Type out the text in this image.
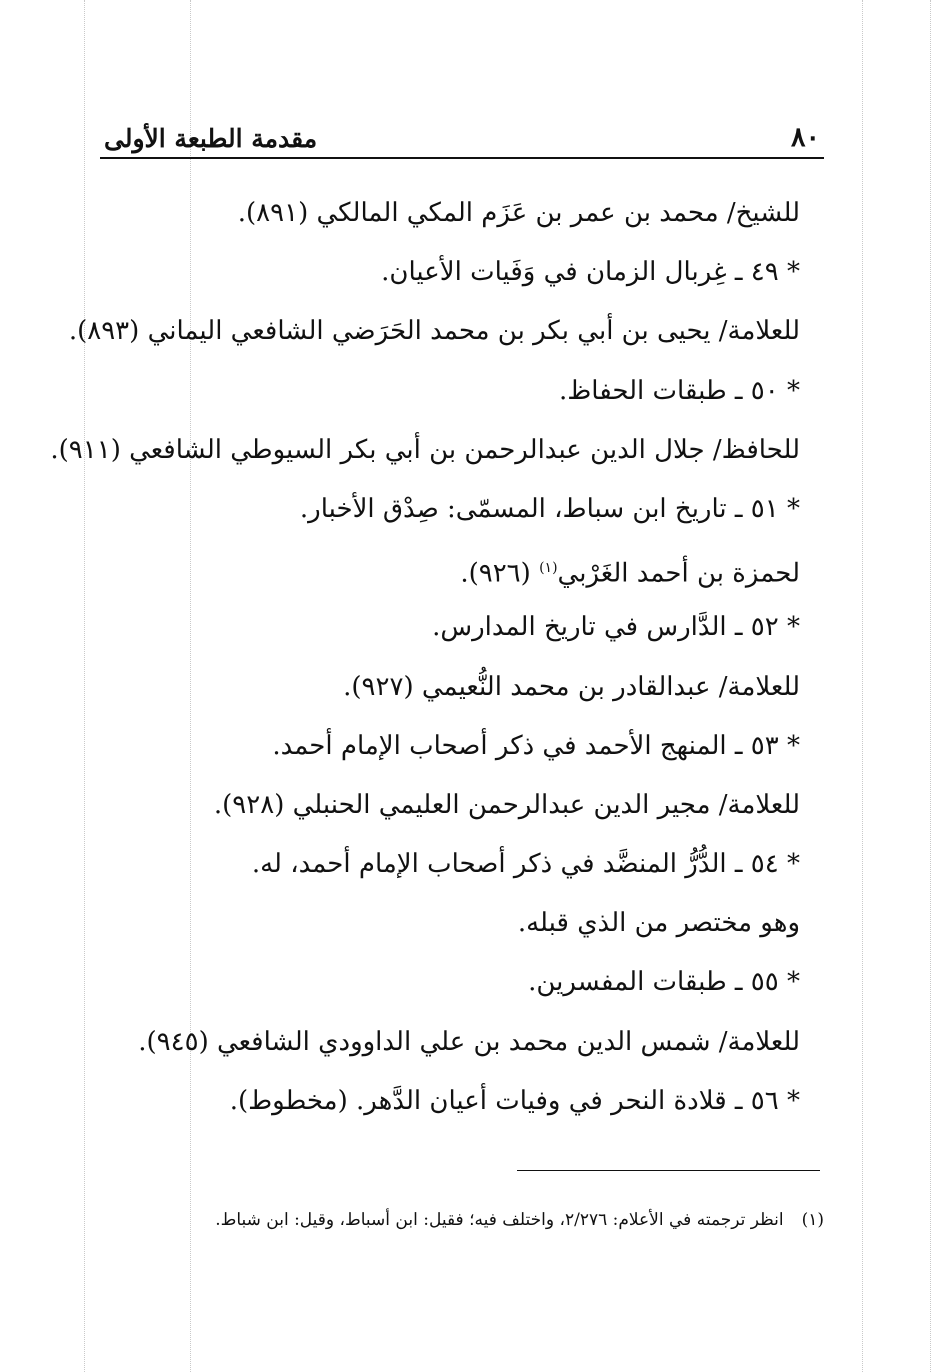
٨٠
مقدمة الطبعة الأولى
للشيخ/ محمد بن عمر بن عَزَم المكي المالكي (٨٩١).
* ٤٩ ـ غِربال الزمان في وَفَيات الأعيان.
للعلامة/ يحيى بن أبي بكر بن محمد الحَرَضي الشافعي اليماني (٨٩٣).
* ٥٠ ـ طبقات الحفاظ.
للحافظ/ جلال الدين عبدالرحمن بن أبي بكر السيوطي الشافعي (٩١١).
* ٥١ ـ تاريخ ابن سباط، المسمّى: صِدْق الأخبار.
لحمزة بن أحمد الغَرْبي$^{(١)}$ (٩٢٦).
* ٥٢ ـ الدَّارس في تاريخ المدارس.
للعلامة/ عبدالقادر بن محمد النُّعيمي (٩٢٧).
* ٥٣ ـ المنهج الأحمد في ذكر أصحاب الإمام أحمد.
للعلامة/ مجير الدين عبدالرحمن العليمي الحنبلي (٩٢٨).
* ٥٤ ـ الدُّرُّ المنضَّد في ذكر أصحاب الإمام أحمد، له.
وهو مختصر من الذي قبله.
* ٥٥ ـ طبقات المفسرين.
للعلامة/ شمس الدين محمد بن علي الداوودي الشافعي (٩٤٥).
* ٥٦ ـ قلادة النحر في وفيات أعيان الدَّهر. (مخطوط).
(١)انظر ترجمته في الأعلام: ٢/٢٧٦، واختلف فيه؛ فقيل: ابن أسباط، وقيل: ابن شباط.
